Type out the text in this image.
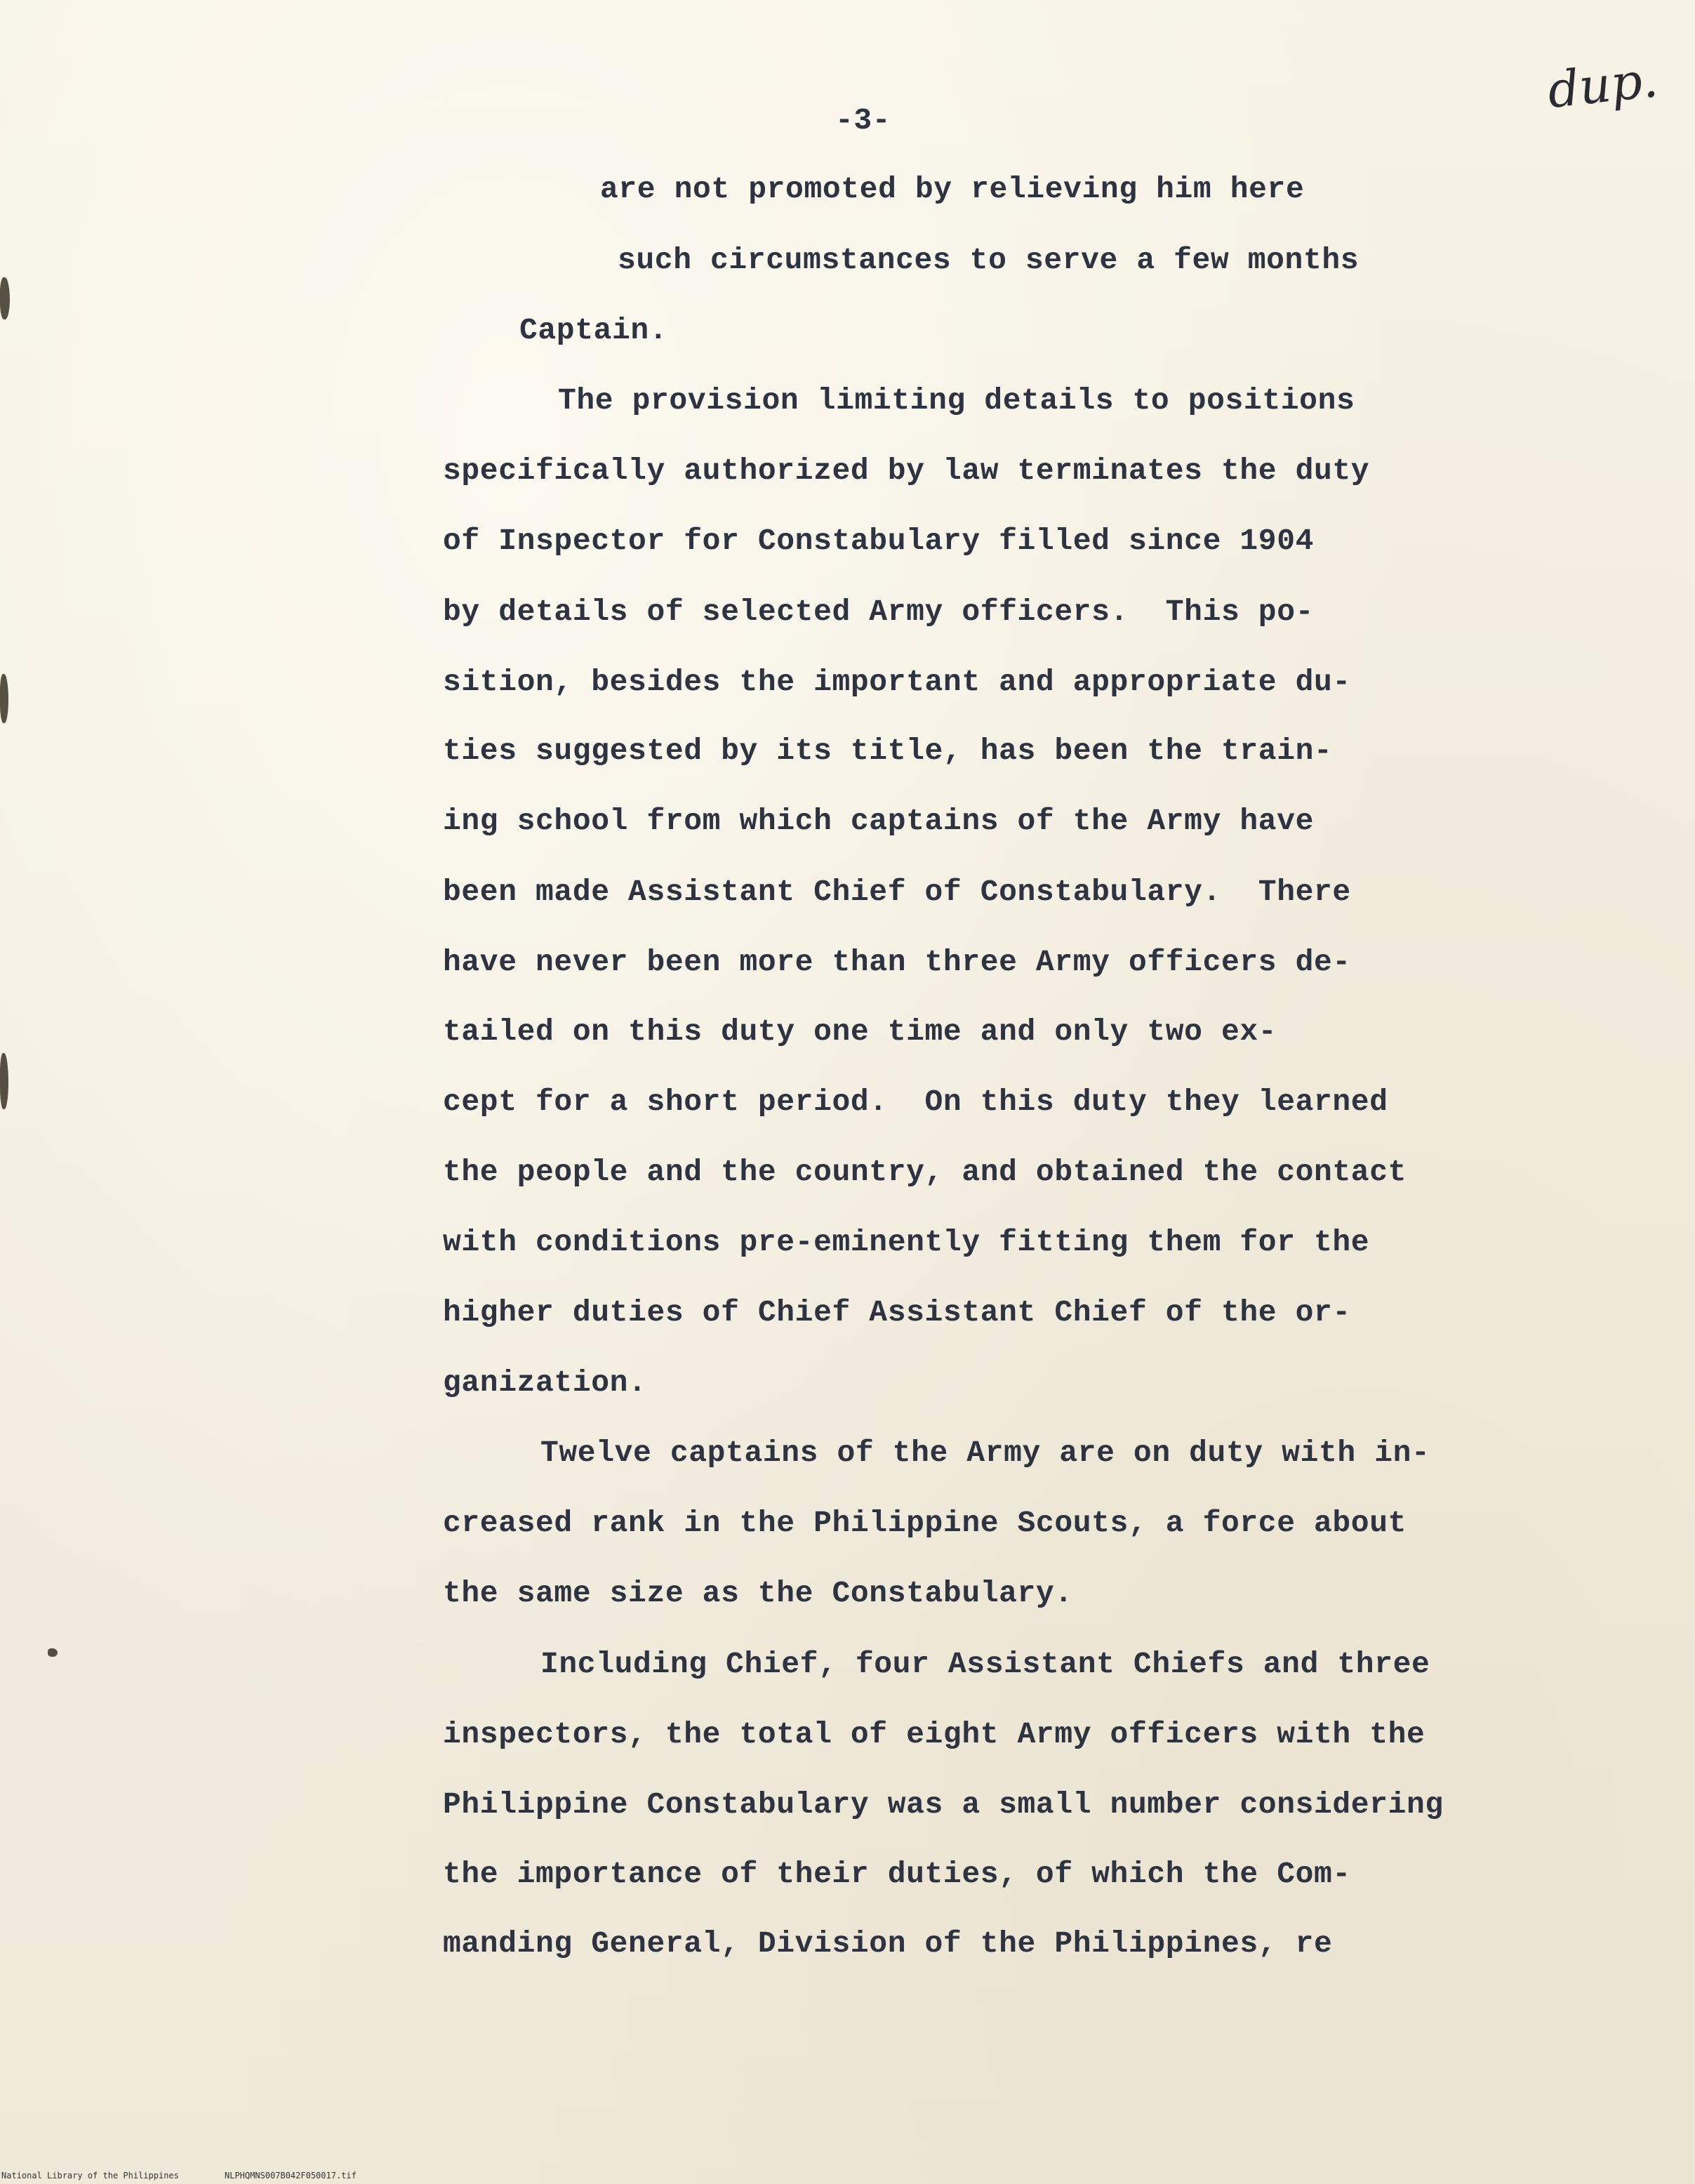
-3-
dup.
are not promoted by relieving him here
such circumstances to serve a few months
Captain.
The provision limiting details to positions
specifically authorized by law terminates the duty
of Inspector for Constabulary filled since 1904
by details of selected Army officers.  This po-
sition, besides the important and appropriate du-
ties suggested by its title, has been the train-
ing school from which captains of the Army have
been made Assistant Chief of Constabulary.  There
have never been more than three Army officers de-
tailed on this duty one time and only two ex-
cept for a short period.  On this duty they learned
the people and the country, and obtained the contact
with conditions pre-eminently fitting them for the
higher duties of Chief Assistant Chief of the or-
ganization.
Twelve captains of the Army are on duty with in-
creased rank in the Philippine Scouts, a force about
the same size as the Constabulary.
Including Chief, four Assistant Chiefs and three
inspectors, the total of eight Army officers with the
Philippine Constabulary was a small number considering
the importance of their duties, of which the Com-
manding General, Division of the Philippines, re
National Library of the Philippines	NLPHQMNS007B042F050017.tif
